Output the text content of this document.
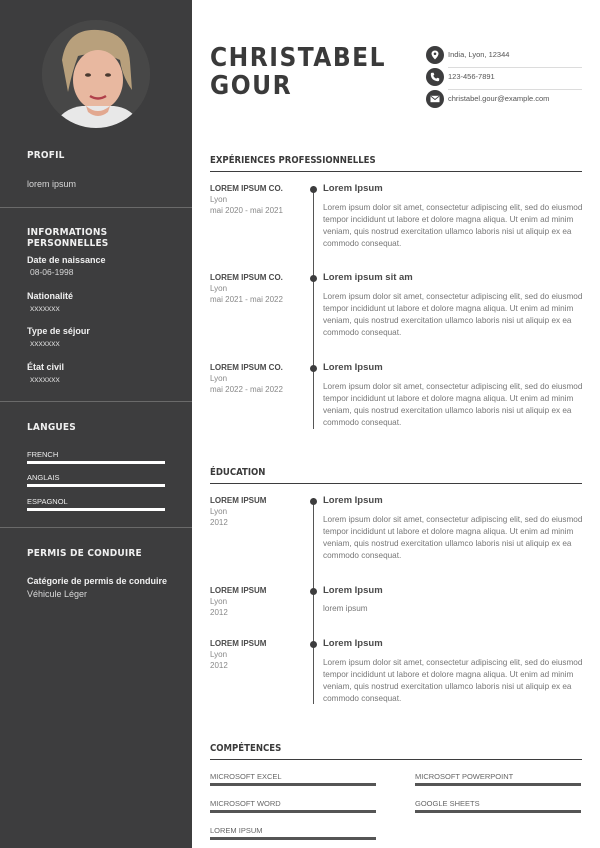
PROFIL
lorem ipsum
INFORMATIONS PERSONNELLES
Date de naissance
08-06-1998
Nationalité
xxxxxxx
Type de séjour
xxxxxxx
État civil
xxxxxxx
LANGUES
FRENCH
ANGLAIS
ESPAGNOL
PERMIS DE CONDUIRE
Catégorie de permis de conduire
Véhicule Léger
CHRISTABEL
GOUR
India, Lyon, 12344
123-456-7891
christabel.gour@example.com
EXPÉRIENCES PROFESSIONNELLES
LOREM IPSUM CO.
Lyon
mai 2020 - mai 2021
Lorem Ipsum
Lorem ipsum dolor sit amet, consectetur adipiscing elit, sed do eiusmod tempor incididunt ut labore et dolore magna aliqua. Ut enim ad minim veniam, quis nostrud exercitation ullamco laboris nisi ut aliquip ex ea commodo consequat.
LOREM IPSUM CO.
Lyon
mai 2021 - mai 2022
Lorem ipsum sit am
Lorem ipsum dolor sit amet, consectetur adipiscing elit, sed do eiusmod tempor incididunt ut labore et dolore magna aliqua. Ut enim ad minim veniam, quis nostrud exercitation ullamco laboris nisi ut aliquip ex ea commodo consequat.
LOREM IPSUM CO.
Lyon
mai 2022 - mai 2022
Lorem Ipsum
Lorem ipsum dolor sit amet, consectetur adipiscing elit, sed do eiusmod tempor incididunt ut labore et dolore magna aliqua. Ut enim ad minim veniam, quis nostrud exercitation ullamco laboris nisi ut aliquip ex ea commodo consequat.
ÉDUCATION
LOREM IPSUM
Lyon
2012
Lorem Ipsum
Lorem ipsum dolor sit amet, consectetur adipiscing elit, sed do eiusmod tempor incididunt ut labore et dolore magna aliqua. Ut enim ad minim veniam, quis nostrud exercitation ullamco laboris nisi ut aliquip ex ea commodo consequat.
LOREM IPSUM
Lyon
2012
Lorem Ipsum
lorem ipsum
LOREM IPSUM
Lyon
2012
Lorem Ipsum
Lorem ipsum dolor sit amet, consectetur adipiscing elit, sed do eiusmod tempor incididunt ut labore et dolore magna aliqua. Ut enim ad minim veniam, quis nostrud exercitation ullamco laboris nisi ut aliquip ex ea commodo consequat.
COMPÉTENCES
MICROSOFT EXCEL	MICROSOFT POWERPOINT
MICROSOFT WORD	GOOGLE SHEETS
LOREM IPSUM
